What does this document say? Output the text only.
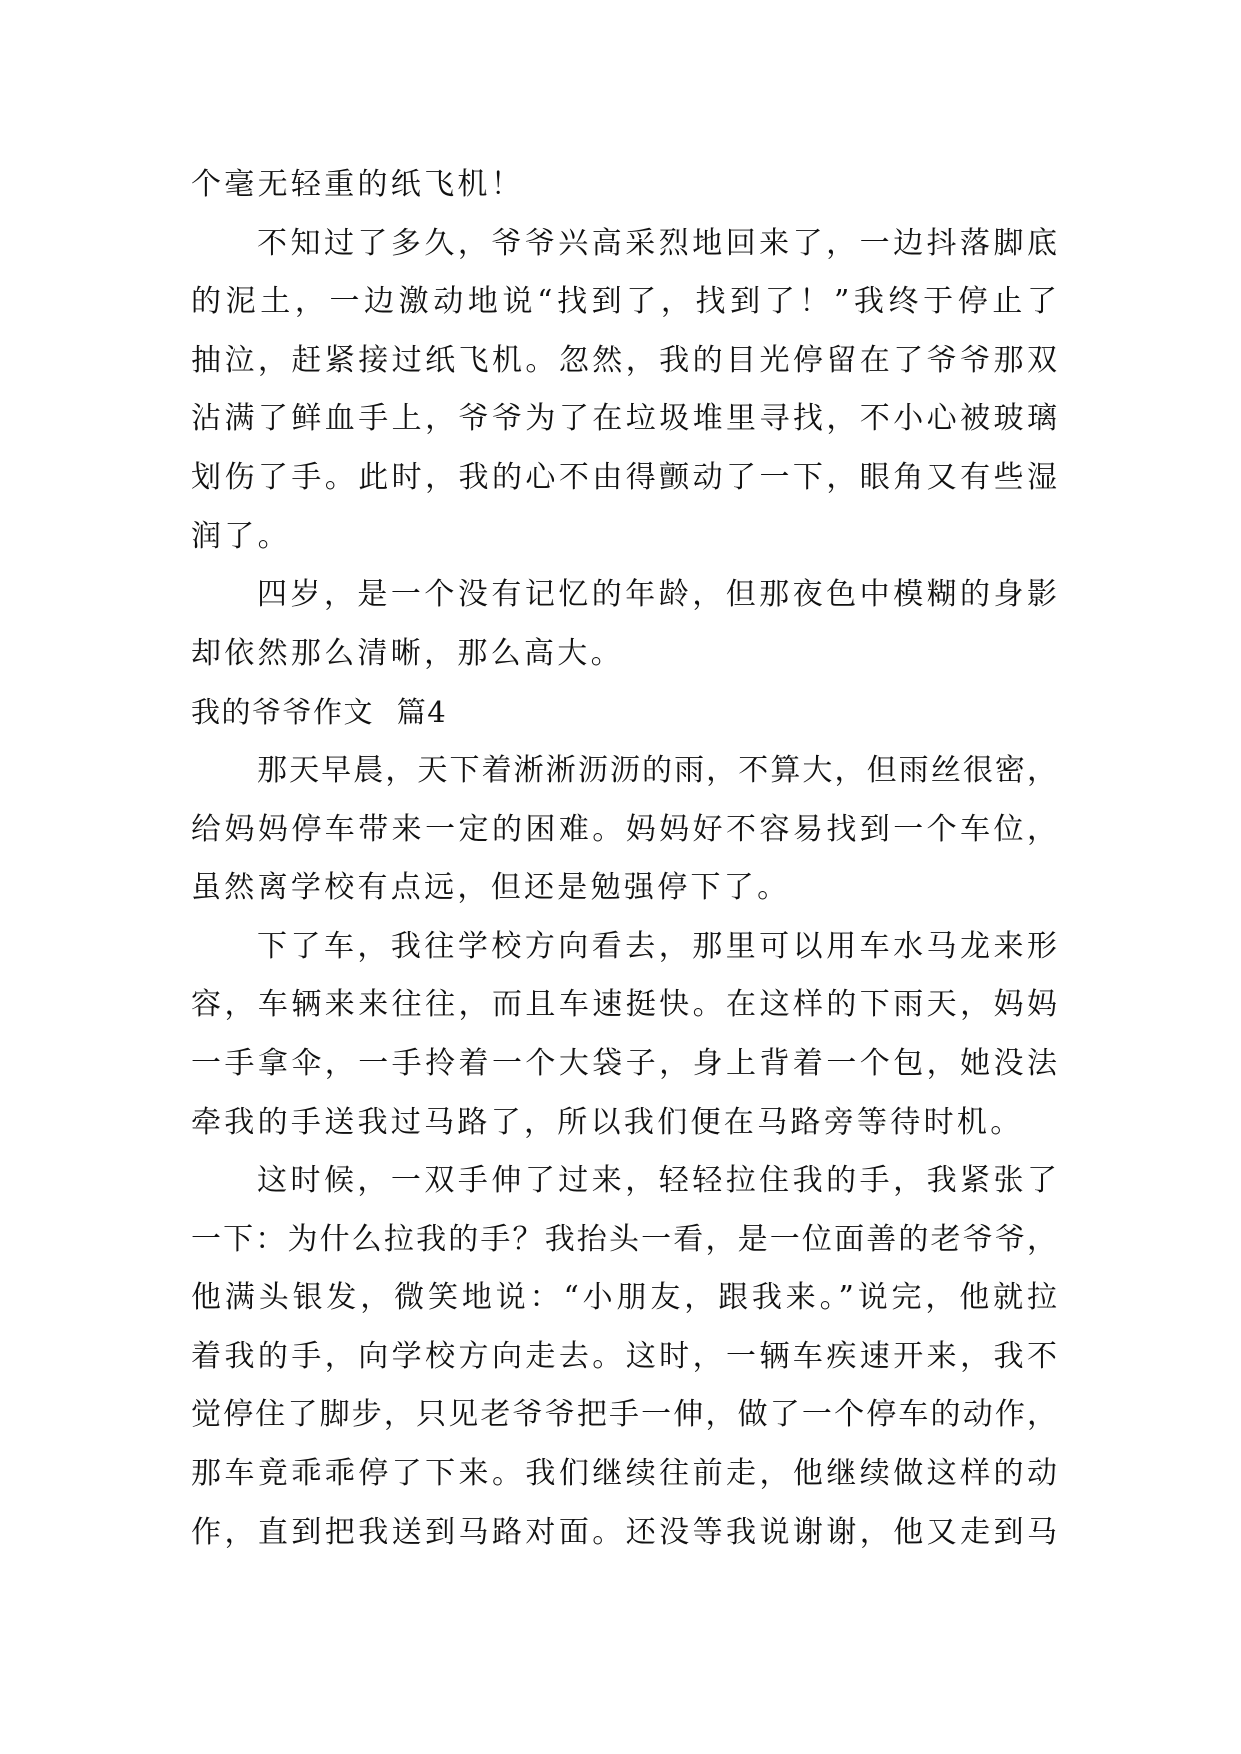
个毫无轻重的纸飞机！

不知过了多久，爷爷兴高采烈地回来了，一边抖落脚底
的泥土，一边激动地说“找到了，找到了！”我终于停止了
抽泣，赶紧接过纸飞机。忽然，我的目光停留在了爷爷那双
沾满了鲜血手上，爷爷为了在垃圾堆里寻找，不小心被玻璃
划伤了手。此时，我的心不由得颤动了一下，眼角又有些湿
润了。

四岁，是一个没有记忆的年龄，但那夜色中模糊的身影
却依然那么清晰，那么高大。

我的爷爷作文 篇4

那天早晨，天下着淅淅沥沥的雨，不算大，但雨丝很密，
给妈妈停车带来一定的困难。妈妈好不容易找到一个车位，
虽然离学校有点远，但还是勉强停下了。

下了车，我往学校方向看去，那里可以用车水马龙来形
容，车辆来来往往，而且车速挺快。在这样的下雨天，妈妈
一手拿伞，一手拎着一个大袋子，身上背着一个包，她没法
牵我的手送我过马路了，所以我们便在马路旁等待时机。

这时候，一双手伸了过来，轻轻拉住我的手，我紧张了
一下：为什么拉我的手？我抬头一看，是一位面善的老爷爷，
他满头银发，微笑地说：“小朋友，跟我来。”说完，他就拉
着我的手，向学校方向走去。这时，一辆车疾速开来，我不
觉停住了脚步，只见老爷爷把手一伸，做了一个停车的动作，
那车竟乖乖停了下来。我们继续往前走，他继续做这样的动
作，直到把我送到马路对面。还没等我说谢谢，他又走到马
